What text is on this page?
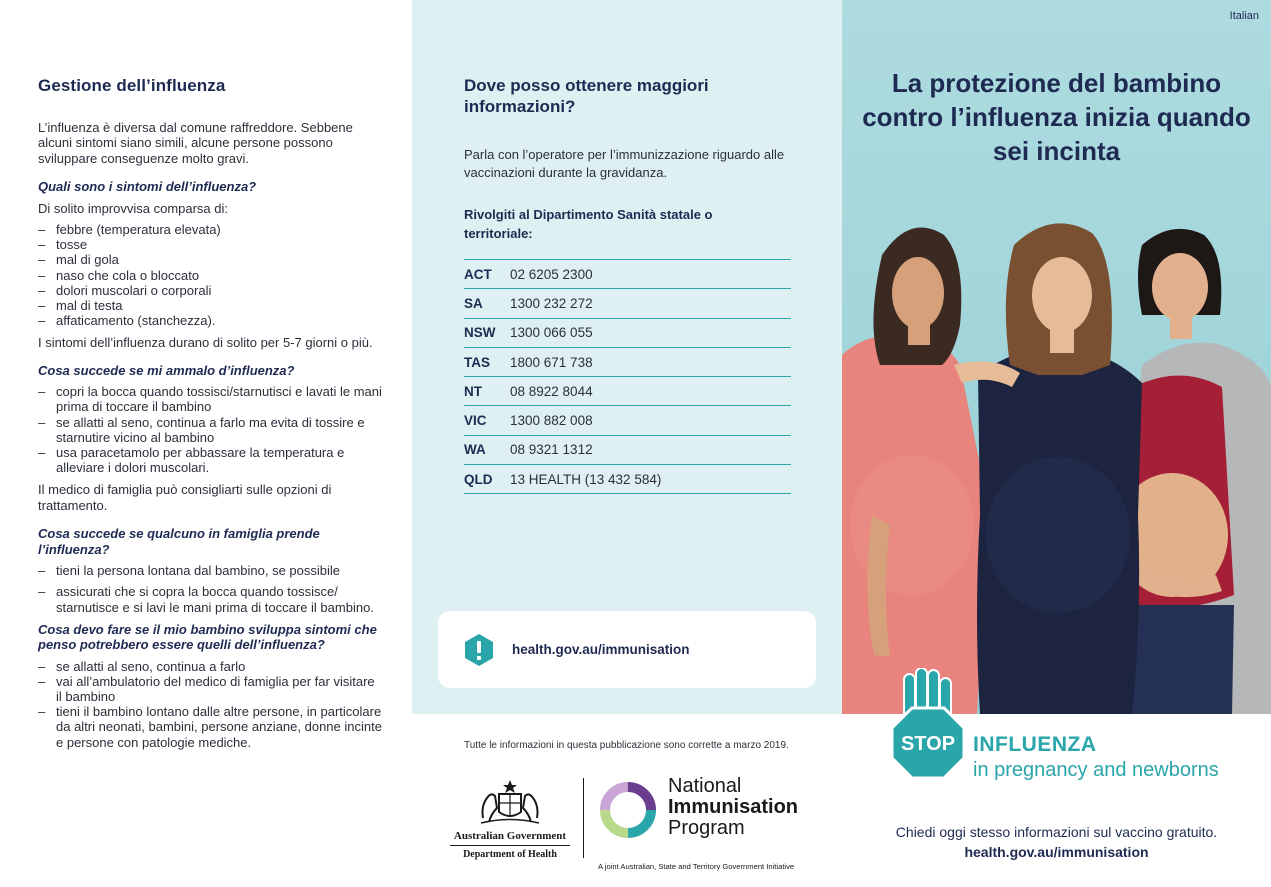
Gestione dell’influenza

L’influenza è diversa dal comune raffreddore. Sebbene alcuni sintomi siano simili, alcune persone possono sviluppare conseguenze molto gravi.

Quali sono i sintomi dell’influenza?

Di solito improvvisa comparsa di:

– febbre (temperatura elevata)
– tosse
– mal di gola
– naso che cola o bloccato
– dolori muscolari o corporali
– mal di testa
– affaticamento (stanchezza).

I sintomi dell’influenza durano di solito per 5-7 giorni o più.

Cosa succede se mi ammalo d’influenza?
– copri la bocca quando tossisci/starnutisci e lavati le mani prima di toccare il bambino
– se allatti al seno, continua a farlo ma evita di tossire e starnutire vicino al bambino
– usa paracetamolo per abbassare la temperatura e alleviare i dolori muscolari.

Il medico di famiglia può consigliarti sulle opzioni di trattamento.

Cosa succede se qualcuno in famiglia prende l’influenza?
– tieni la persona lontana dal bambino, se possibile
– assicurati che si copra la bocca quando tossisce/ starnutisce e si lavi le mani prima di toccare il bambino.
Cosa devo fare se il mio bambino sviluppa sintomi che penso potrebbero essere quelli dell’influenza?
– se allatti al seno, continua a farlo
– vai all’ambulatorio del medico di famiglia per far visitare il bambino
– tieni il bambino lontano dalle altre persone, in particolare da altri neonati, bambini, persone anziane, donne incinte e persone con patologie mediche.
Dove posso ottenere maggiori informazioni?

Parla con l’operatore per l’immunizzazione riguardo alle vaccinazioni durante la gravidanza.

Rivolgiti al Dipartimento Sanità statale o territoriale:

ACT	02 6205 2300
SA	1300 232 272
NSW	1300 066 055
TAS	1800 671 738
NT	08 8922 8044
VIC	1300 882 008
WA	08 9321 1312
QLD	13 HEALTH (13 432 584)
health.gov.au/immunisation

Tutte le informazioni in questa pubblicazione sono corrette a marzo 2019.

Australian Government
Department of Health
National
Immunisation
Program
A joint Australian, State and Territory Government Initiative
Italian
La protezione del bambino contro l’influenza inizia quando sei incinta
STOP INFLUENZA
in pregnancy and newborns
Chiedi oggi stesso informazioni sul vaccino gratuito.
health.gov.au/immunisation
